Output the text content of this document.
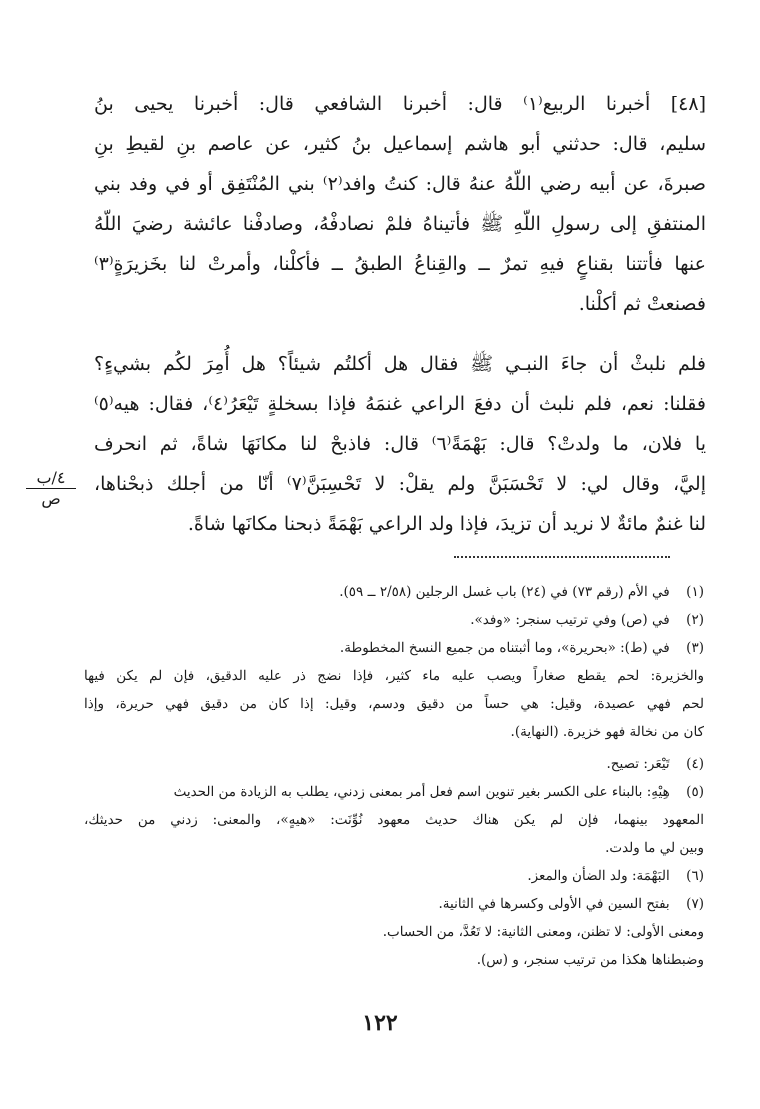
[٤٨] أخبرنا الربيع⁽١⁾ قال: أخبرنا الشافعي قال: أخبرنا يحيى بنُ
سليم، قال: حدثني أبو هاشم إسماعيل بنُ كثير، عن عاصم بنِ لقيطِ بنِ
صبرةَ، عن أبيه رضي اللّهُ عنهُ قال: كنتُ وافد⁽٢⁾ بني المُنْتَفِق أو في وفد بني
المنتفقِ إلى رسولِ اللّهِ ﷺ فأتيناهُ فلمْ نصادفْهُ، وصادفْنا عائشة رضيَ اللّهُ
عنها فأتتنا بقناعٍ فيهِ تمرٌ ــ والقِناعُ الطبقُ ــ فأكلْنا، وأمرتْ لنا بخَزيرَةٍ⁽٣⁾
فصنعتْ ثم أكلْنا.
فلم نلبثْ أن جاءَ النبـي ﷺ فقال هل أكلتُم شيئاً؟ هل أُمِرَ لكُم بشيءٍ؟
فقلنا: نعم، فلم نلبث أن دفعَ الراعي غنمَهُ فإذا بسخلةٍ تَيْعَرُ⁽٤⁾، فقال: هيه⁽٥⁾
يا فلان، ما ولدتْ؟ قال: بَهْمَةً⁽٦⁾ قال: فاذبحْ لنا مكانَهَا شاةً، ثم انحرف
إليَّ، وقال لي: لا تَحْسَبَنَّ ولم يقلْ: لا تَحْسِبَنَّ⁽٧⁾ أنّا من أجلك ذبحْناها،
لنا غنمٌ مائةٌ لا نريد أن تزيدَ، فإذا ولد الراعي بَهْمَةً ذبحنا مكانَها شاةً.
٤/ب
ص
(١) في الأم (رقم ٧٣) في (٢٤) باب غسل الرجلين (٢/٥٨ ــ ٥٩).
(٢) في (ص) وفي ترتيب سنجر: «وفد».
(٣) في (ط): «بحريرة»، وما أثبتناه من جميع النسخ المخطوطة.
والخزيرة: لحم يقطع صغاراً ويصب عليه ماء كثير، فإذا نضج ذر عليه الدقيق، فإن لم يكن فيها
لحم فهي عصيدة، وقيل: هي حساً من دقيق ودسم، وقيل: إذا كان من دقيق فهي حريرة، وإذا
كان من نخالة فهو خزيرة. (النهاية).
(٤) تَيْعَر: تصيح.
(٥) هِيْهِ: بالبناء على الكسر بغير تنوين اسم فعل أمر بمعنى زدني، يطلب به الزيادة من الحديث
المعهود بينهما، فإن لم يكن هناك حديث معهود نُوِّنَت: «هيهٍ»، والمعنى: زدني من حديثك،
وبين لي ما ولدت.
(٦) البَهْمَة: ولد الضأن والمعز.
(٧) بفتح السين في الأولى وكسرها في الثانية.
ومعنى الأولى: لا تظنن، ومعنى الثانية: لا تَعُدَّ، من الحساب.
وضبطناها هكذا من ترتيب سنجر، و (س).
١٢٢
